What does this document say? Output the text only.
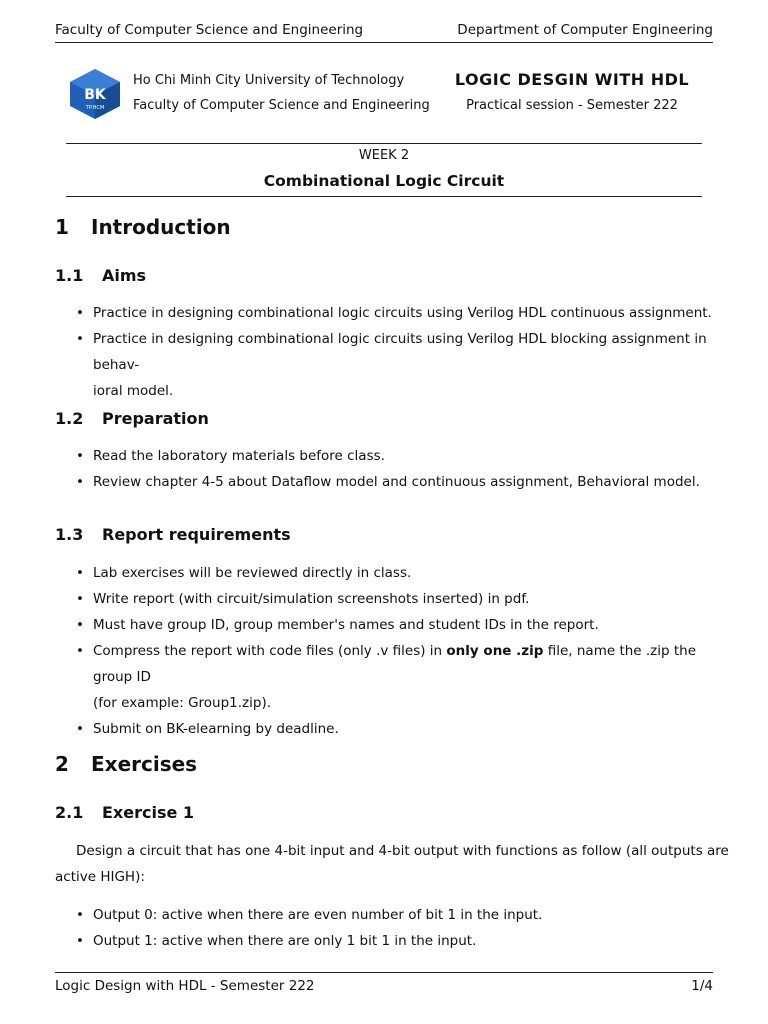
Faculty of Computer Science and Engineering	Department of Computer Engineering
BK
TP.HCM
Ho Chi Minh City University of Technology
Faculty of Computer Science and Engineering
LOGIC DESGIN WITH HDL
Practical session - Semester 222
WEEK 2
Combinational Logic Circuit
1 Introduction
1.1 Aims
• Practice in designing combinational logic circuits using Verilog HDL continuous assignment.
• Practice in designing combinational logic circuits using Verilog HDL blocking assignment in behav-
ioral model.
1.2 Preparation
• Read the laboratory materials before class.
• Review chapter 4-5 about Dataflow model and continuous assignment, Behavioral model.
1.3 Report requirements
• Lab exercises will be reviewed directly in class.
• Write report (with circuit/simulation screenshots inserted) in pdf.
• Must have group ID, group member's names and student IDs in the report.
• Compress the report with code files (only .v files) in only one .zip file, name the .zip the group ID
(for example: Group1.zip).
• Submit on BK-elearning by deadline.
2 Exercises
2.1 Exercise 1
Design a circuit that has one 4-bit input and 4-bit output with functions as follow (all outputs are
active HIGH):
• Output 0: active when there are even number of bit 1 in the input.
• Output 1: active when there are only 1 bit 1 in the input.
Logic Design with HDL - Semester 222	1/4
